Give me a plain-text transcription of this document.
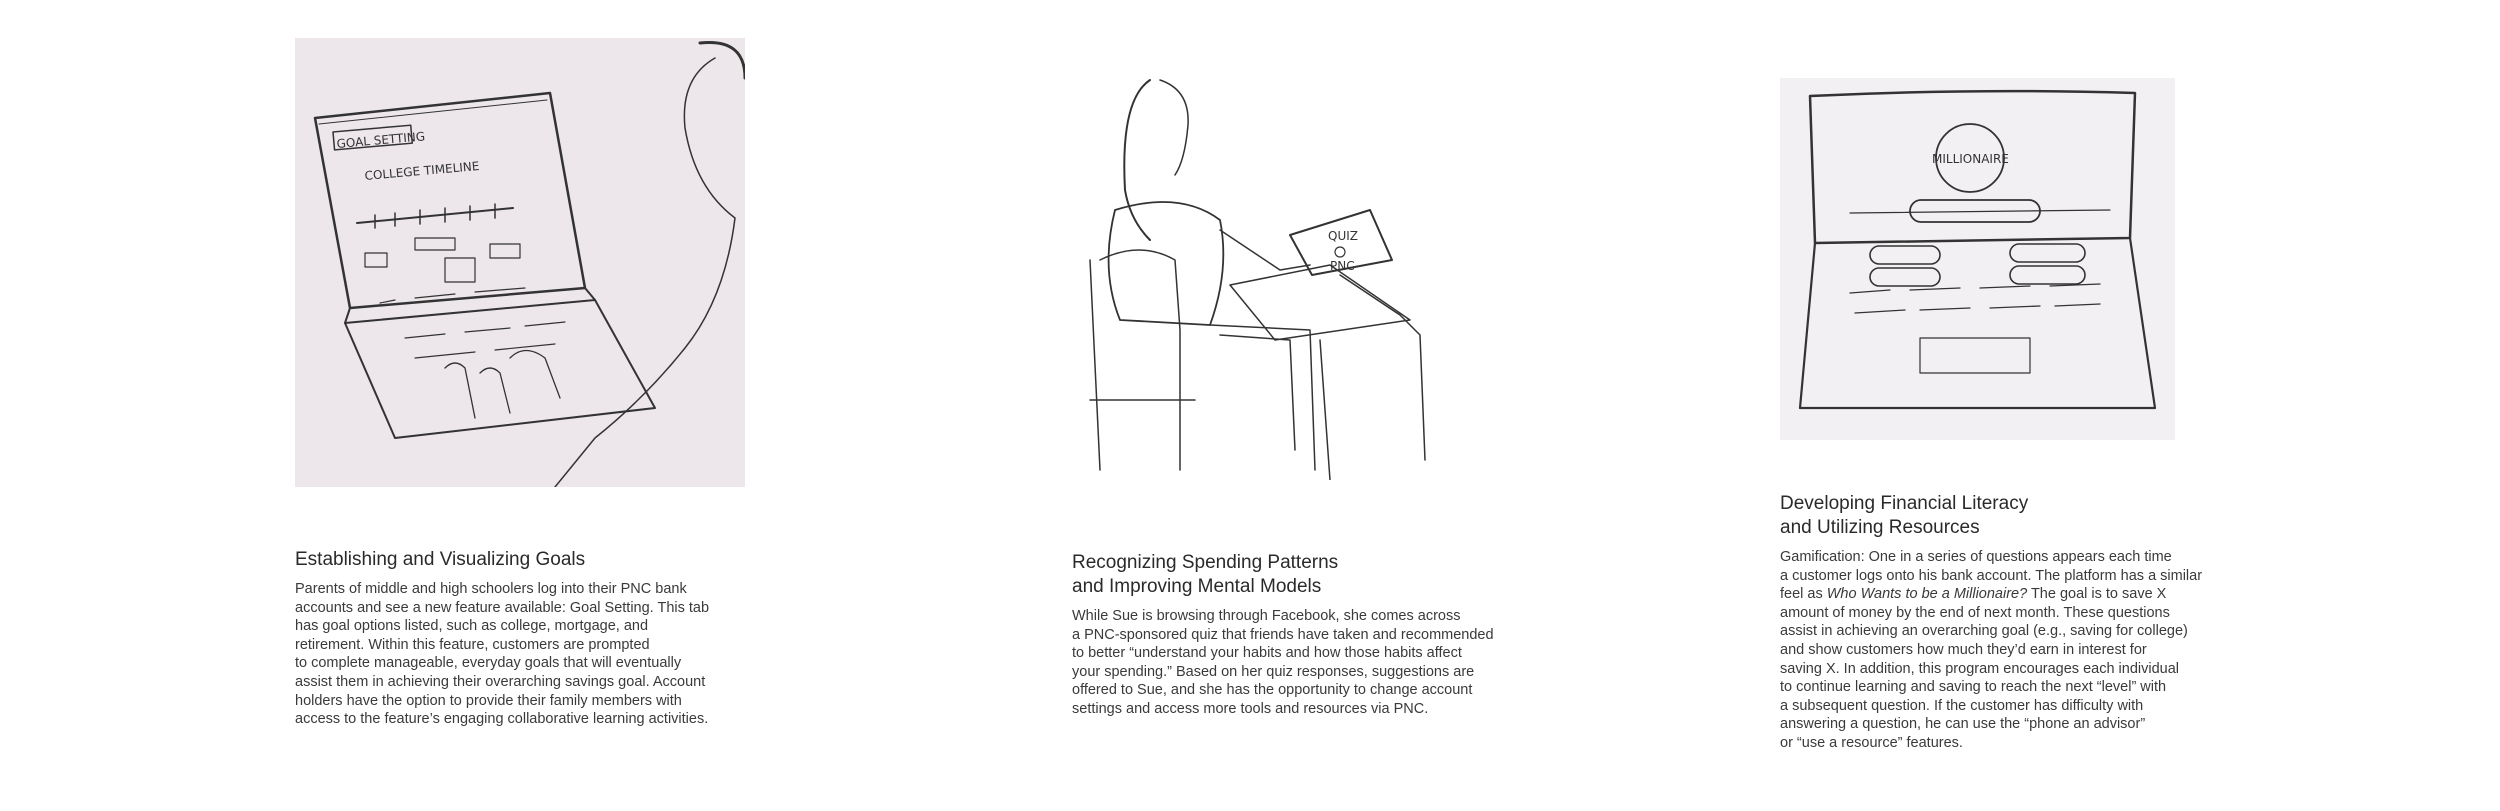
GOAL SETTING
COLLEGE TIMELINE
QUIZ
PNC
MILLIONAIRE
Establishing and Visualizing Goals

Parents of middle and high schoolers log into their PNC bank
accounts and see a new feature available: Goal Setting. This tab
has goal options listed, such as college, mortgage, and
retirement. Within this feature, customers are prompted
to complete manageable, everyday goals that will eventually
assist them in achieving their overarching savings goal. Account
holders have the option to provide their family members with
access to the feature’s engaging collaborative learning activities.

Recognizing Spending Patterns
and Improving Mental Models

While Sue is browsing through Facebook, she comes across
a PNC-sponsored quiz that friends have taken and recommended
to better “understand your habits and how those habits affect
your spending.” Based on her quiz responses, suggestions are
offered to Sue, and she has the opportunity to change account
settings and access more tools and resources via PNC.

Developing Financial Literacy
and Utilizing Resources

Gamification: One in a series of questions appears each time
a customer logs onto his bank account. The platform has a similar
feel as Who Wants to be a Millionaire? The goal is to save X
amount of money by the end of next month. These questions
assist in achieving an overarching goal (e.g., saving for college)
and show customers how much they’d earn in interest for
saving X. In addition, this program encourages each individual
to continue learning and saving to reach the next “level” with
a subsequent question. If the customer has difficulty with
answering a question, he can use the “phone an advisor”
or “use a resource” features.
